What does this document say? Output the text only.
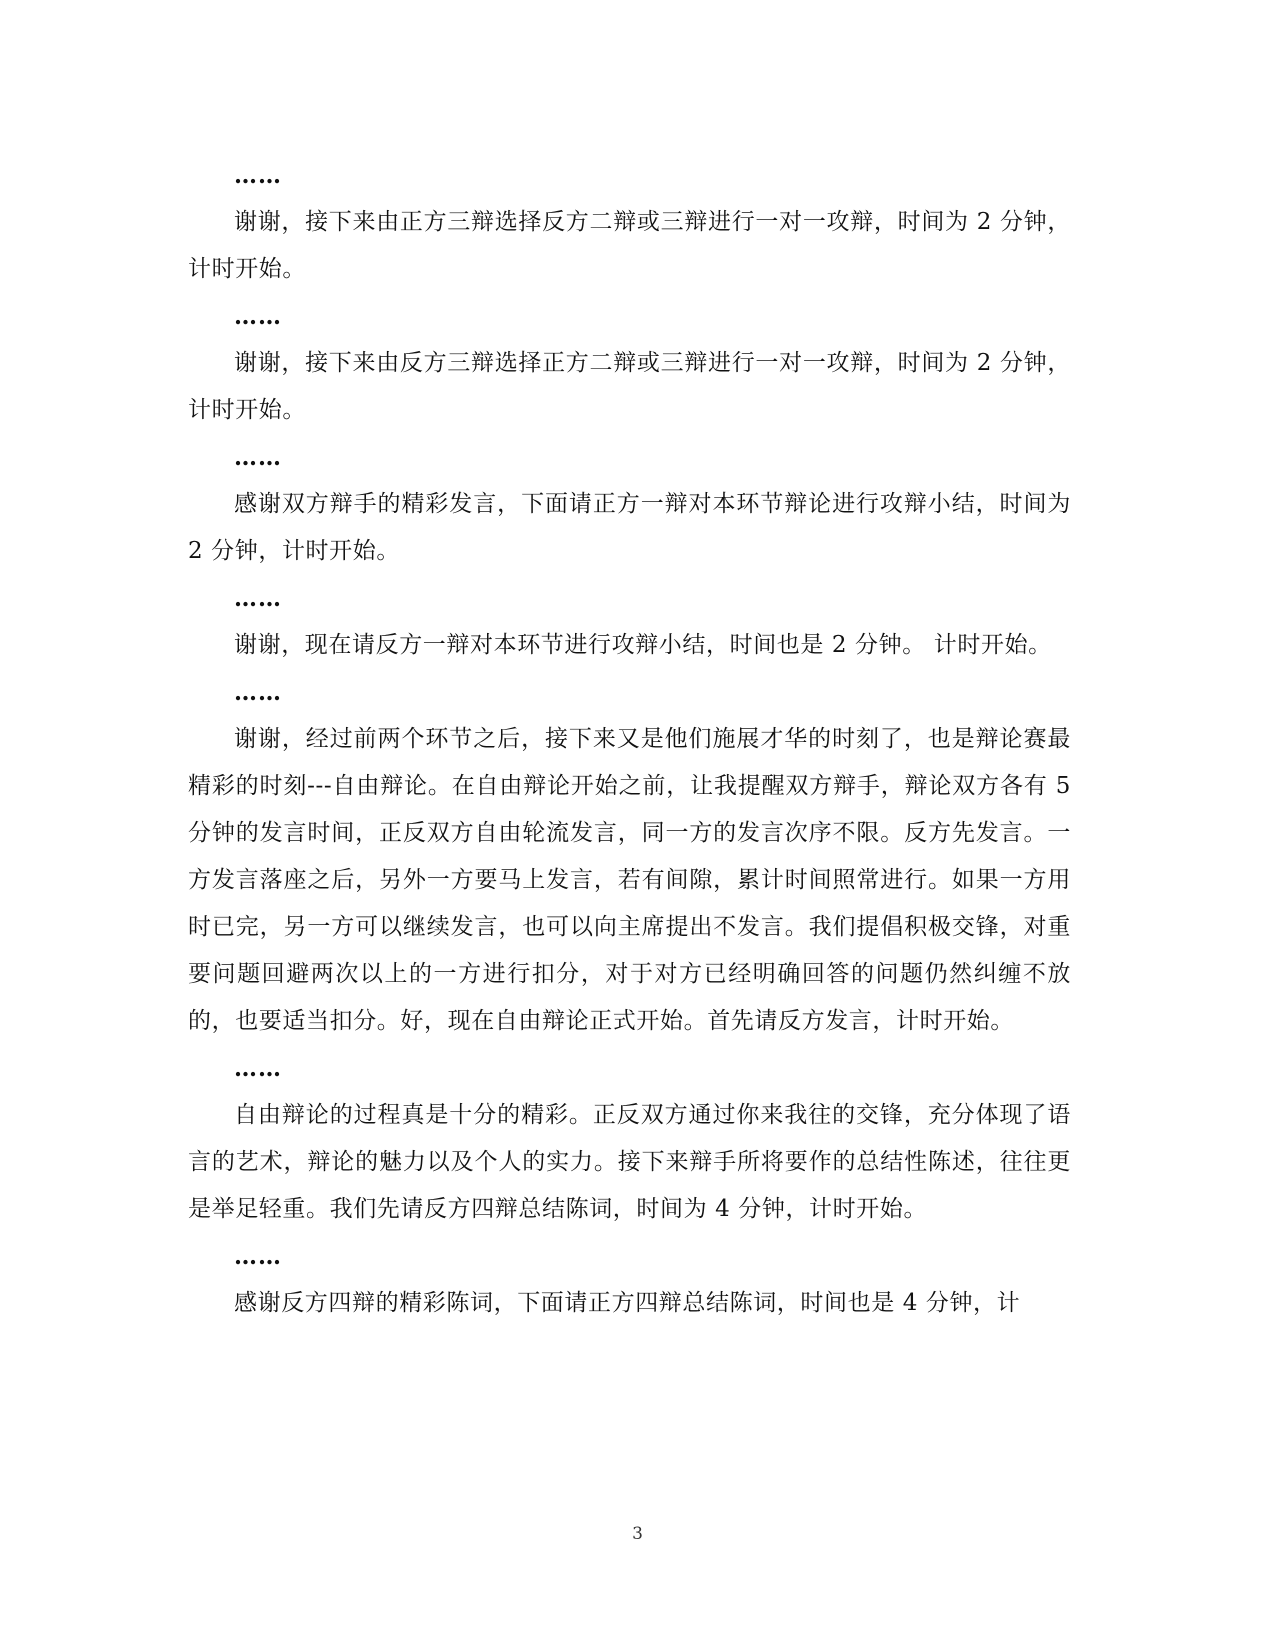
……

谢谢，接下来由正方三辩选择反方二辩或三辩进行一对一攻辩，时间为 2 分钟，计时开始。

……

谢谢，接下来由反方三辩选择正方二辩或三辩进行一对一攻辩，时间为 2 分钟，计时开始。

……

感谢双方辩手的精彩发言，下面请正方一辩对本环节辩论进行攻辩小结，时间为 2 分钟，计时开始。

……

谢谢，现在请反方一辩对本环节进行攻辩小结，时间也是 2 分钟。 计时开始。

……

谢谢，经过前两个环节之后，接下来又是他们施展才华的时刻了，也是辩论赛最精彩的时刻---自由辩论。在自由辩论开始之前，让我提醒双方辩手，辩论双方各有 5 分钟的发言时间，正反双方自由轮流发言，同一方的发言次序不限。反方先发言。一方发言落座之后，另外一方要马上发言，若有间隙，累计时间照常进行。如果一方用时已完，另一方可以继续发言，也可以向主席提出不发言。我们提倡积极交锋，对重要问题回避两次以上的一方进行扣分，对于对方已经明确回答的问题仍然纠缠不放的，也要适当扣分。好，现在自由辩论正式开始。首先请反方发言，计时开始。

……

自由辩论的过程真是十分的精彩。正反双方通过你来我往的交锋，充分体现了语言的艺术，辩论的魅力以及个人的实力。接下来辩手所将要作的总结性陈述，往往更是举足轻重。我们先请反方四辩总结陈词，时间为 4 分钟，计时开始。

……

感谢反方四辩的精彩陈词，下面请正方四辩总结陈词，时间也是 4 分钟，计

3
